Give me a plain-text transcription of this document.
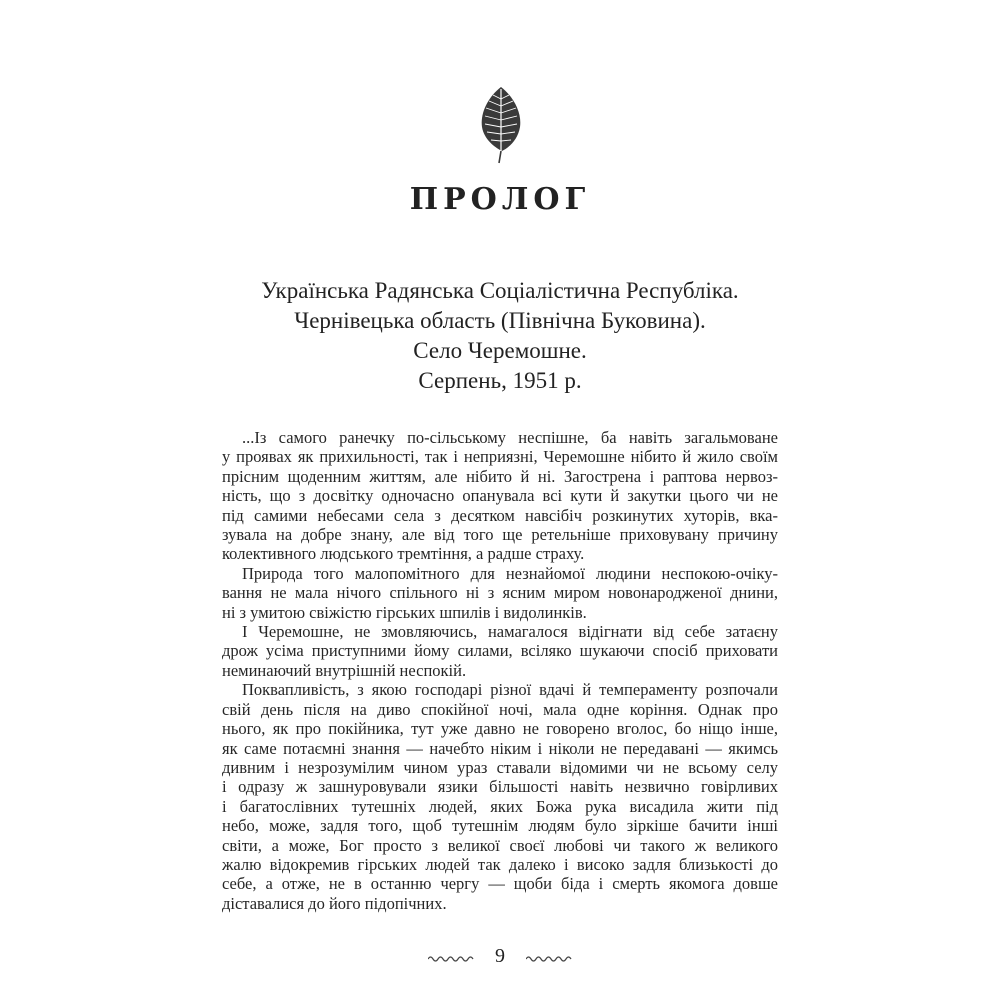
ПРОЛОГ
Українська Радянська Соціалістична Республіка.
Чернівецька область (Північна Буковина).
Село Черемошне.
Серпень, 1951 р.
...Із самого ранечку по-сільському неспішне, ба навіть загальмоване
у проявах як прихильності, так і неприязні, Черемошне нібито й жило своїм
прісним щоденним життям, але нібито й ні. Загострена і раптова нервоз-
ність, що з досвітку одночасно опанувала всі кути й закутки цього чи не
під самими небесами села з десятком навсібіч розкинутих хуторів, вка-
зувала на добре знану, але від того ще ретельніше приховувану причину
колективного людського тремтіння, а радше страху.
Природа того малопомітного для незнайомої людини неспокою-очіку-
вання не мала нічого спільного ні з ясним миром новонародженої днини,
ні з умитою свіжістю гірських шпилів і видолинків.
І Черемошне, не змовляючись, намагалося відігнати від себе затаєну
дрож усіма приступними йому силами, всіляко шукаючи спосіб приховати
неминаючий внутрішній неспокій.
Поквапливість, з якою господарі різної вдачі й темпераменту розпочали
свій день після на диво спокійної ночі, мала одне коріння. Однак про
нього, як про покійника, тут уже давно не говорено вголос, бо ніщо інше,
як саме потаємні знання — начебто ніким і ніколи не передавані — якимсь
дивним і незрозумілим чином ураз ставали відомими чи не всьому селу
і одразу ж зашнуровували язики більшості навіть незвично говірливих
і багатослівних тутешніх людей, яких Божа рука висадила жити під
небо, може, задля того, щоб тутешнім людям було зіркіше бачити інші
світи, а може, Бог просто з великої своєї любові чи такого ж великого
жалю відокремив гірських людей так далеко і високо задля близькості до
себе, а отже, не в останню чергу — щоби біда і смерть якомога довше
діставалися до його підопічних.
9
